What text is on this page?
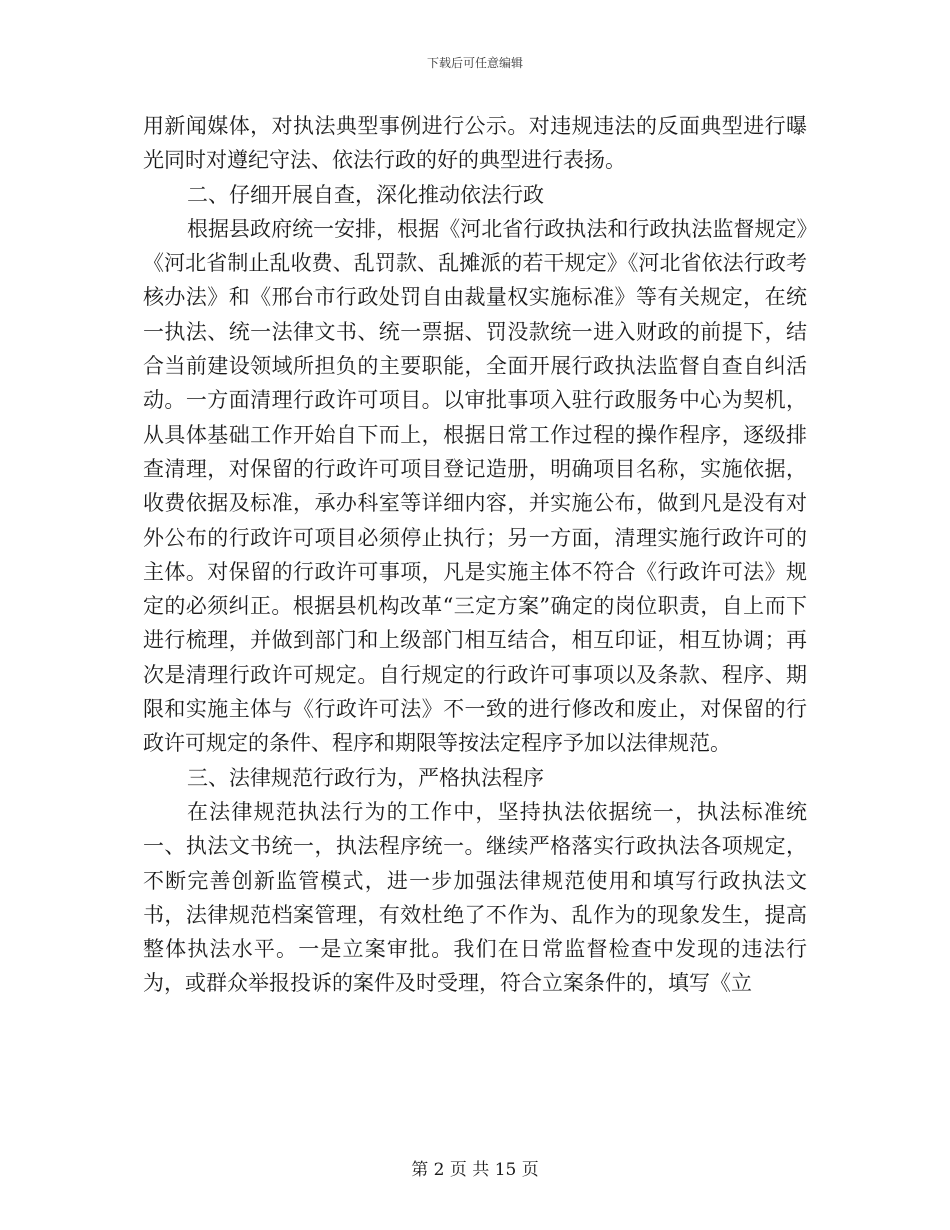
下载后可任意编辑

用新闻媒体，对执法典型事例进行公示。对违规违法的反面典型进行曝光同时对遵纪守法、依法行政的好的典型进行表扬。

二、仔细开展自查，深化推动依法行政

根据县政府统一安排，根据《河北省行政执法和行政执法监督规定》《河北省制止乱收费、乱罚款、乱摊派的若干规定》《河北省依法行政考核办法》和《邢台市行政处罚自由裁量权实施标准》等有关规定，在统一执法、统一法律文书、统一票据、罚没款统一进入财政的前提下，结合当前建设领域所担负的主要职能，全面开展行政执法监督自查自纠活动。一方面清理行政许可项目。以审批事项入驻行政服务中心为契机，从具体基础工作开始自下而上，根据日常工作过程的操作程序，逐级排查清理，对保留的行政许可项目登记造册，明确项目名称，实施依据，收费依据及标准，承办科室等详细内容，并实施公布，做到凡是没有对外公布的行政许可项目必须停止执行；另一方面，清理实施行政许可的主体。对保留的行政许可事项，凡是实施主体不符合《行政许可法》规定的必须纠正。根据县机构改革“三定方案”确定的岗位职责，自上而下进行梳理，并做到部门和上级部门相互结合，相互印证，相互协调；再次是清理行政许可规定。自行规定的行政许可事项以及条款、程序、期限和实施主体与《行政许可法》不一致的进行修改和废止，对保留的行政许可规定的条件、程序和期限等按法定程序予加以法律规范。

三、法律规范行政行为，严格执法程序

在法律规范执法行为的工作中，坚持执法依据统一，执法标准统一、执法文书统一，执法程序统一。继续严格落实行政执法各项规定，不断完善创新监管模式，进一步加强法律规范使用和填写行政执法文书，法律规范档案管理，有效杜绝了不作为、乱作为的现象发生，提高整体执法水平。一是立案审批。我们在日常监督检查中发现的违法行为，或群众举报投诉的案件及时受理，符合立案条件的，填写《立

第 2 页 共 15 页
